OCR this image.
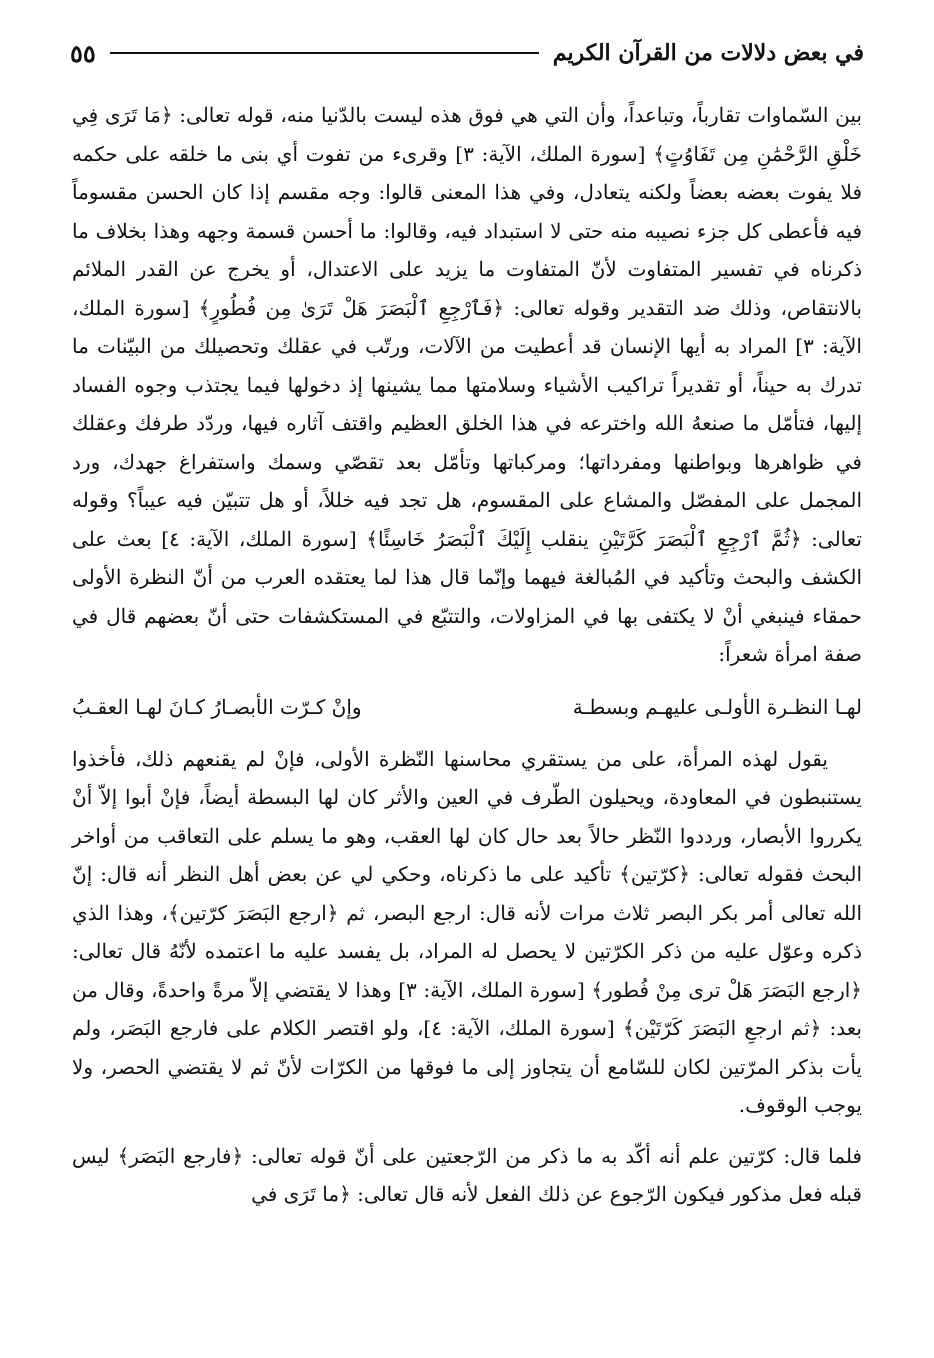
في بعض دلالات من القرآن الكريم
٥٥

بين السّماوات تقارباً، وتباعداً، وأن التي هي فوق هذه ليست بالدّنيا منه، قوله تعالى: ﴿مَا تَرَى فِي خَلْقِ الرَّحْمَٰنِ مِن تَفَاوُتٍ﴾ [سورة الملك، الآية: ٣] وقرىء من تفوت أي بنى ما خلقه على حكمه فلا يفوت بعضه بعضاً ولكنه يتعادل، وفي هذا المعنى قالوا: وجه مقسم إذا كان الحسن مقسوماً فيه فأعطى كل جزء نصيبه منه حتى لا استبداد فيه، وقالوا: ما أحسن قسمة وجهه وهذا بخلاف ما ذكرناه في تفسير المتفاوت لأنّ المتفاوت ما يزيد على الاعتدال، أو يخرج عن القدر الملائم بالانتقاص، وذلك ضد التقدير وقوله تعالى: ﴿فَٱرْجِعِ ٱلْبَصَرَ هَلْ تَرَىٰ مِن فُطُورٍ﴾ [سورة الملك، الآية: ٣] المراد به أيها الإنسان قد أعطيت من الآلات، ورتّب في عقلك وتحصيلك من البيّنات ما تدرك به حيناً، أو تقديراً تراكيب الأشياء وسلامتها مما يشينها إذ دخولها فيما يجتذب وجوه الفساد إليها، فتأمّل ما صنعهُ الله واخترعه في هذا الخلق العظيم واقتف آثاره فيها، وردّد طرفك وعقلك في ظواهرها وبواطنها ومفرداتها؛ ومركباتها وتأمّل بعد تقصّي وسمك واستفراغ جهدك، ورد المجمل على المفصّل والمشاع على المقسوم، هل تجد فيه خللاً، أو هل تتبيّن فيه عيباً؟ وقوله تعالى: ﴿ثُمَّ ٱرْجِعِ ٱلْبَصَرَ كَرَّتَيْنِ ينقلب إِلَيْكَ ٱلْبَصَرُ خَاسِئًا﴾ [سورة الملك، الآية: ٤] بعث على الكشف والبحث وتأكيد في المُبالغة فيهما وإنّما قال هذا لما يعتقده العرب من أنّ النظرة الأولى حمقاء فينبغي أنْ لا يكتفى بها في المزاولات، والتتبّع في المستكشفات حتى أنّ بعضهم قال في صفة امرأة شعراً:

لهـا النظـرة الأولـى عليهـم وبسطـة
وإنْ كـرّت الأبصـارُ كـانَ لهـا العقـبُ

يقول لهذه المرأة، على من يستقري محاسنها النّظرة الأولى، فإنْ لم يقنعهم ذلك، فأخذوا يستنبطون في المعاودة، ويحيلون الطّرف في العين والأثر كان لها البسطة أيضاً، فإنْ أبوا إلاّ أنْ يكرروا الأبصار، ورددوا النّظر حالاً بعد حال كان لها العقب، وهو ما يسلم على التعاقب من أواخر البحث فقوله تعالى: ﴿كرّتين﴾ تأكيد على ما ذكرناه، وحكي لي عن بعض أهل النظر أنه قال: إنّ الله تعالى أمر بكر البصر ثلاث مرات لأنه قال: ارجع البصر، ثم ﴿ارجع البَصَرَ كرّتين﴾، وهذا الذي ذكره وعوّل عليه من ذكر الكرّتين لا يحصل له المراد، بل يفسد عليه ما اعتمده لأنّهُ قال تعالى: ﴿ارجع البَصَرَ هَلْ ترى مِنْ فُطور﴾ [سورة الملك، الآية: ٣] وهذا لا يقتضي إلاّ مرةً واحدةً، وقال من بعد: ﴿ثم ارجعِ البَصَرَ كَرّتَيْن﴾ [سورة الملك، الآية: ٤]، ولو اقتصر الكلام على فارجع البَصَر، ولم يأت بذكر المرّتين لكان للسّامع أن يتجاوز إلى ما فوقها من الكرّات لأنّ ثم لا يقتضي الحصر، ولا يوجب الوقوف.

فلما قال: كرّتين علم أنه أكّد به ما ذكر من الرّجعتين على أنّ قوله تعالى: ﴿فارجع البَصَر﴾ ليس قبله فعل مذكور فيكون الرّجوع عن ذلك الفعل لأنه قال تعالى: ﴿ما تَرَى في
